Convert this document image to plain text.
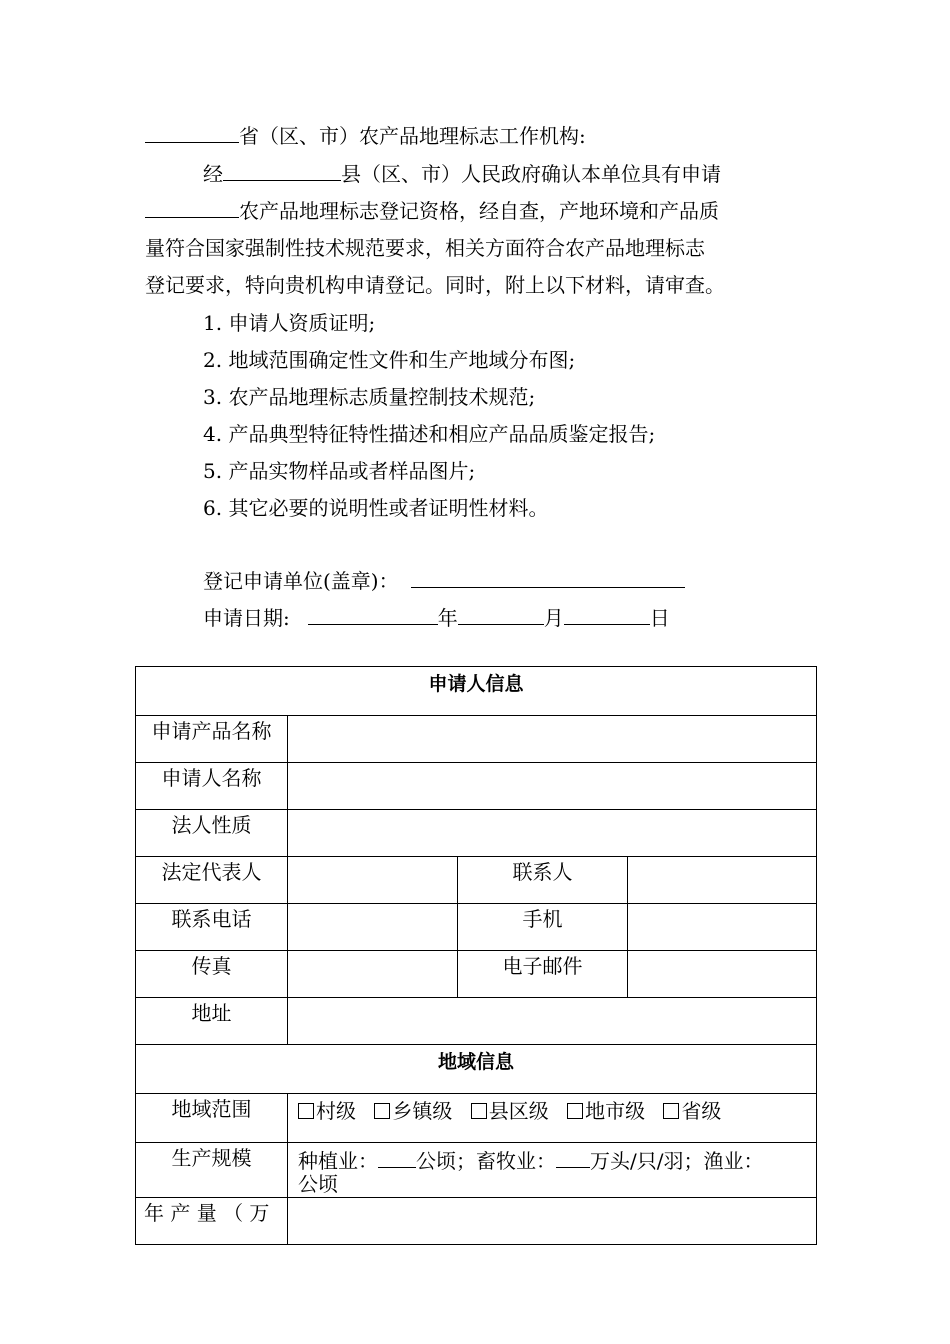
省（区、市）农产品地理标志工作机构:
经	县（区、市）人民政府确认本单位具有申请
农产品地理标志登记资格，经自查，产地环境和产品质
量符合国家强制性技术规范要求，相关方面符合农产品地理标志
登记要求，特向贵机构申请登记。同时，附上以下材料，请审查。
1. 申请人资质证明;
2. 地域范围确定性文件和生产地域分布图;
3. 农产品地理标志质量控制技术规范;
4. 产品典型特征特性描述和相应产品品质鉴定报告;
5. 产品实物样品或者样品图片;
6. 其它必要的说明性或者证明性材料。
登记申请单位(盖章)：
申请日期:	年	月	日
申请人信息			
申请产品名称			
申请人名称			
法人性质			
法定代表人		联系人	
联系电话		手机	
传真		电子邮件	
地址			
地域信息			
地域范围	村级 乡镇级 县区级 地市级 省级		
生产规模	种植业： 公顷；畜牧业： 万头/只/羽；渔业：
公顷		
年 产 量 （ 万			
